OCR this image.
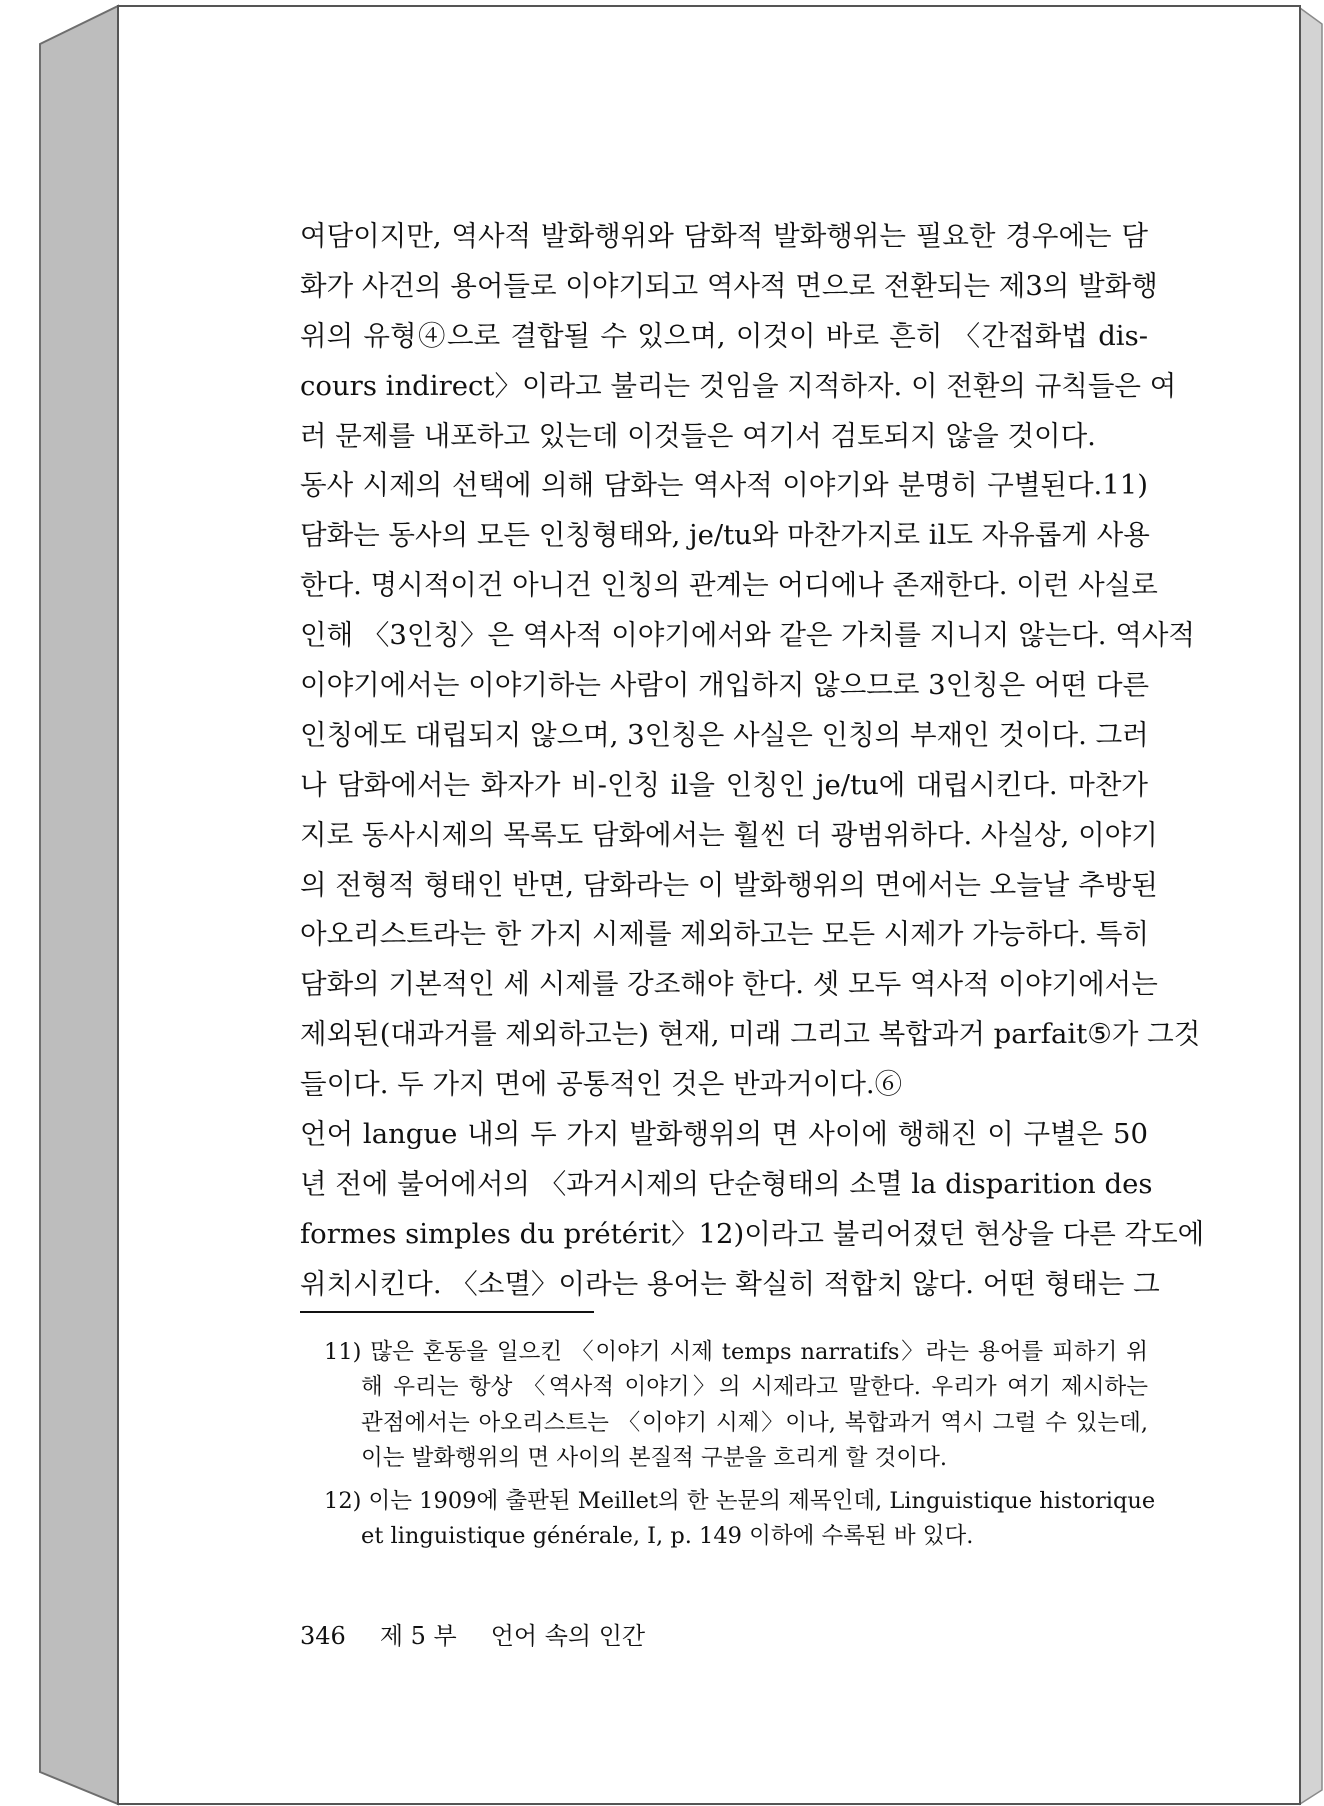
여담이지만, 역사적 발화행위와 담화적 발화행위는 필요한 경우에는 담
화가 사건의 용어들로 이야기되고 역사적 면으로 전환되는 제3의 발화행
위의 유형④으로 결합될 수 있으며, 이것이 바로 흔히 〈간접화법 dis-
cours indirect〉이라고 불리는 것임을 지적하자. 이 전환의 규칙들은 여
러 문제를 내포하고 있는데 이것들은 여기서 검토되지 않을 것이다.
동사 시제의 선택에 의해 담화는 역사적 이야기와 분명히 구별된다.11)
담화는 동사의 모든 인칭형태와, je/tu와 마찬가지로 il도 자유롭게 사용
한다. 명시적이건 아니건 인칭의 관계는 어디에나 존재한다. 이런 사실로
인해 〈3인칭〉은 역사적 이야기에서와 같은 가치를 지니지 않는다. 역사적
이야기에서는 이야기하는 사람이 개입하지 않으므로 3인칭은 어떤 다른
인칭에도 대립되지 않으며, 3인칭은 사실은 인칭의 부재인 것이다. 그러
나 담화에서는 화자가 비-인칭 il을 인칭인 je/tu에 대립시킨다. 마찬가
지로 동사시제의 목록도 담화에서는 훨씬 더 광범위하다. 사실상, 이야기
의 전형적 형태인 반면, 담화라는 이 발화행위의 면에서는 오늘날 추방된
아오리스트라는 한 가지 시제를 제외하고는 모든 시제가 가능하다. 특히
담화의 기본적인 세 시제를 강조해야 한다. 셋 모두 역사적 이야기에서는
제외된(대과거를 제외하고는) 현재, 미래 그리고 복합과거 parfait⑤가 그것
들이다. 두 가지 면에 공통적인 것은 반과거이다.⑥
언어 langue 내의 두 가지 발화행위의 면 사이에 행해진 이 구별은 50
년 전에 불어에서의 〈과거시제의 단순형태의 소멸 la disparition des
formes simples du prétérit〉12)이라고 불리어졌던 현상을 다른 각도에
위치시킨다. 〈소멸〉이라는 용어는 확실히 적합치 않다. 어떤 형태는 그
11) 많은 혼동을 일으킨 〈이야기 시제 temps narratifs〉라는 용어를 피하기 위
해 우리는 항상 〈역사적 이야기〉의 시제라고 말한다. 우리가 여기 제시하는
관점에서는 아오리스트는 〈이야기 시제〉이나, 복합과거 역시 그럴 수 있는데,
이는 발화행위의 면 사이의 본질적 구분을 흐리게 할 것이다.
12) 이는 1909에 출판된 Meillet의 한 논문의 제목인데, Linguistique historique
et linguistique générale, I, p. 149 이하에 수록된 바 있다.
346 제 5 부 언어 속의 인간
